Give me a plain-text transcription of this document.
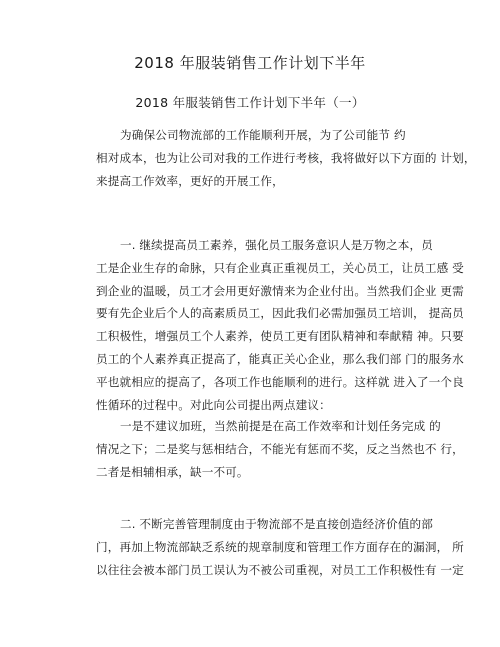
2018 年服装销售工作计划下半年
2018 年服装销售工作计划下半年（一）
为确保公司物流部的工作能顺利开展，为了公司能节 约
相对成本，也为让公司对我的工作进行考核，我将做好以下方面的 计划，
来提高工作效率，更好的开展工作，
一. 继续提高员工素养，强化员工服务意识人是万物之本，员
工是企业生存的命脉，只有企业真正重视员工，关心员工，让员工感 受
到企业的温暖，员工才会用更好激情来为企业付出。当然我们企业 更需
要有先企业后个人的高素质员工，因此我们必需加强员工培训， 提高员
工积极性，增强员工个人素养，使员工更有团队精神和奉献精 神。只要
员工的个人素养真正提高了，能真正关心企业，那么我们部 门的服务水
平也就相应的提高了，各项工作也能顺利的进行。这样就 进入了一个良
性循环的过程中。对此向公司提出两点建议：
一是不建议加班，当然前提是在高工作效率和计划任务完成 的
情况之下；二是奖与惩相结合，不能光有惩而不奖，反之当然也不 行，
二者是相辅相承，缺一不可。
二. 不断完善管理制度由于物流部不是直接创造经济价值的部
门，再加上物流部缺乏系统的规章制度和管理工作方面存在的漏洞， 所
以往往会被本部门员工误认为不被公司重视，对员工工作积极性有 一定
